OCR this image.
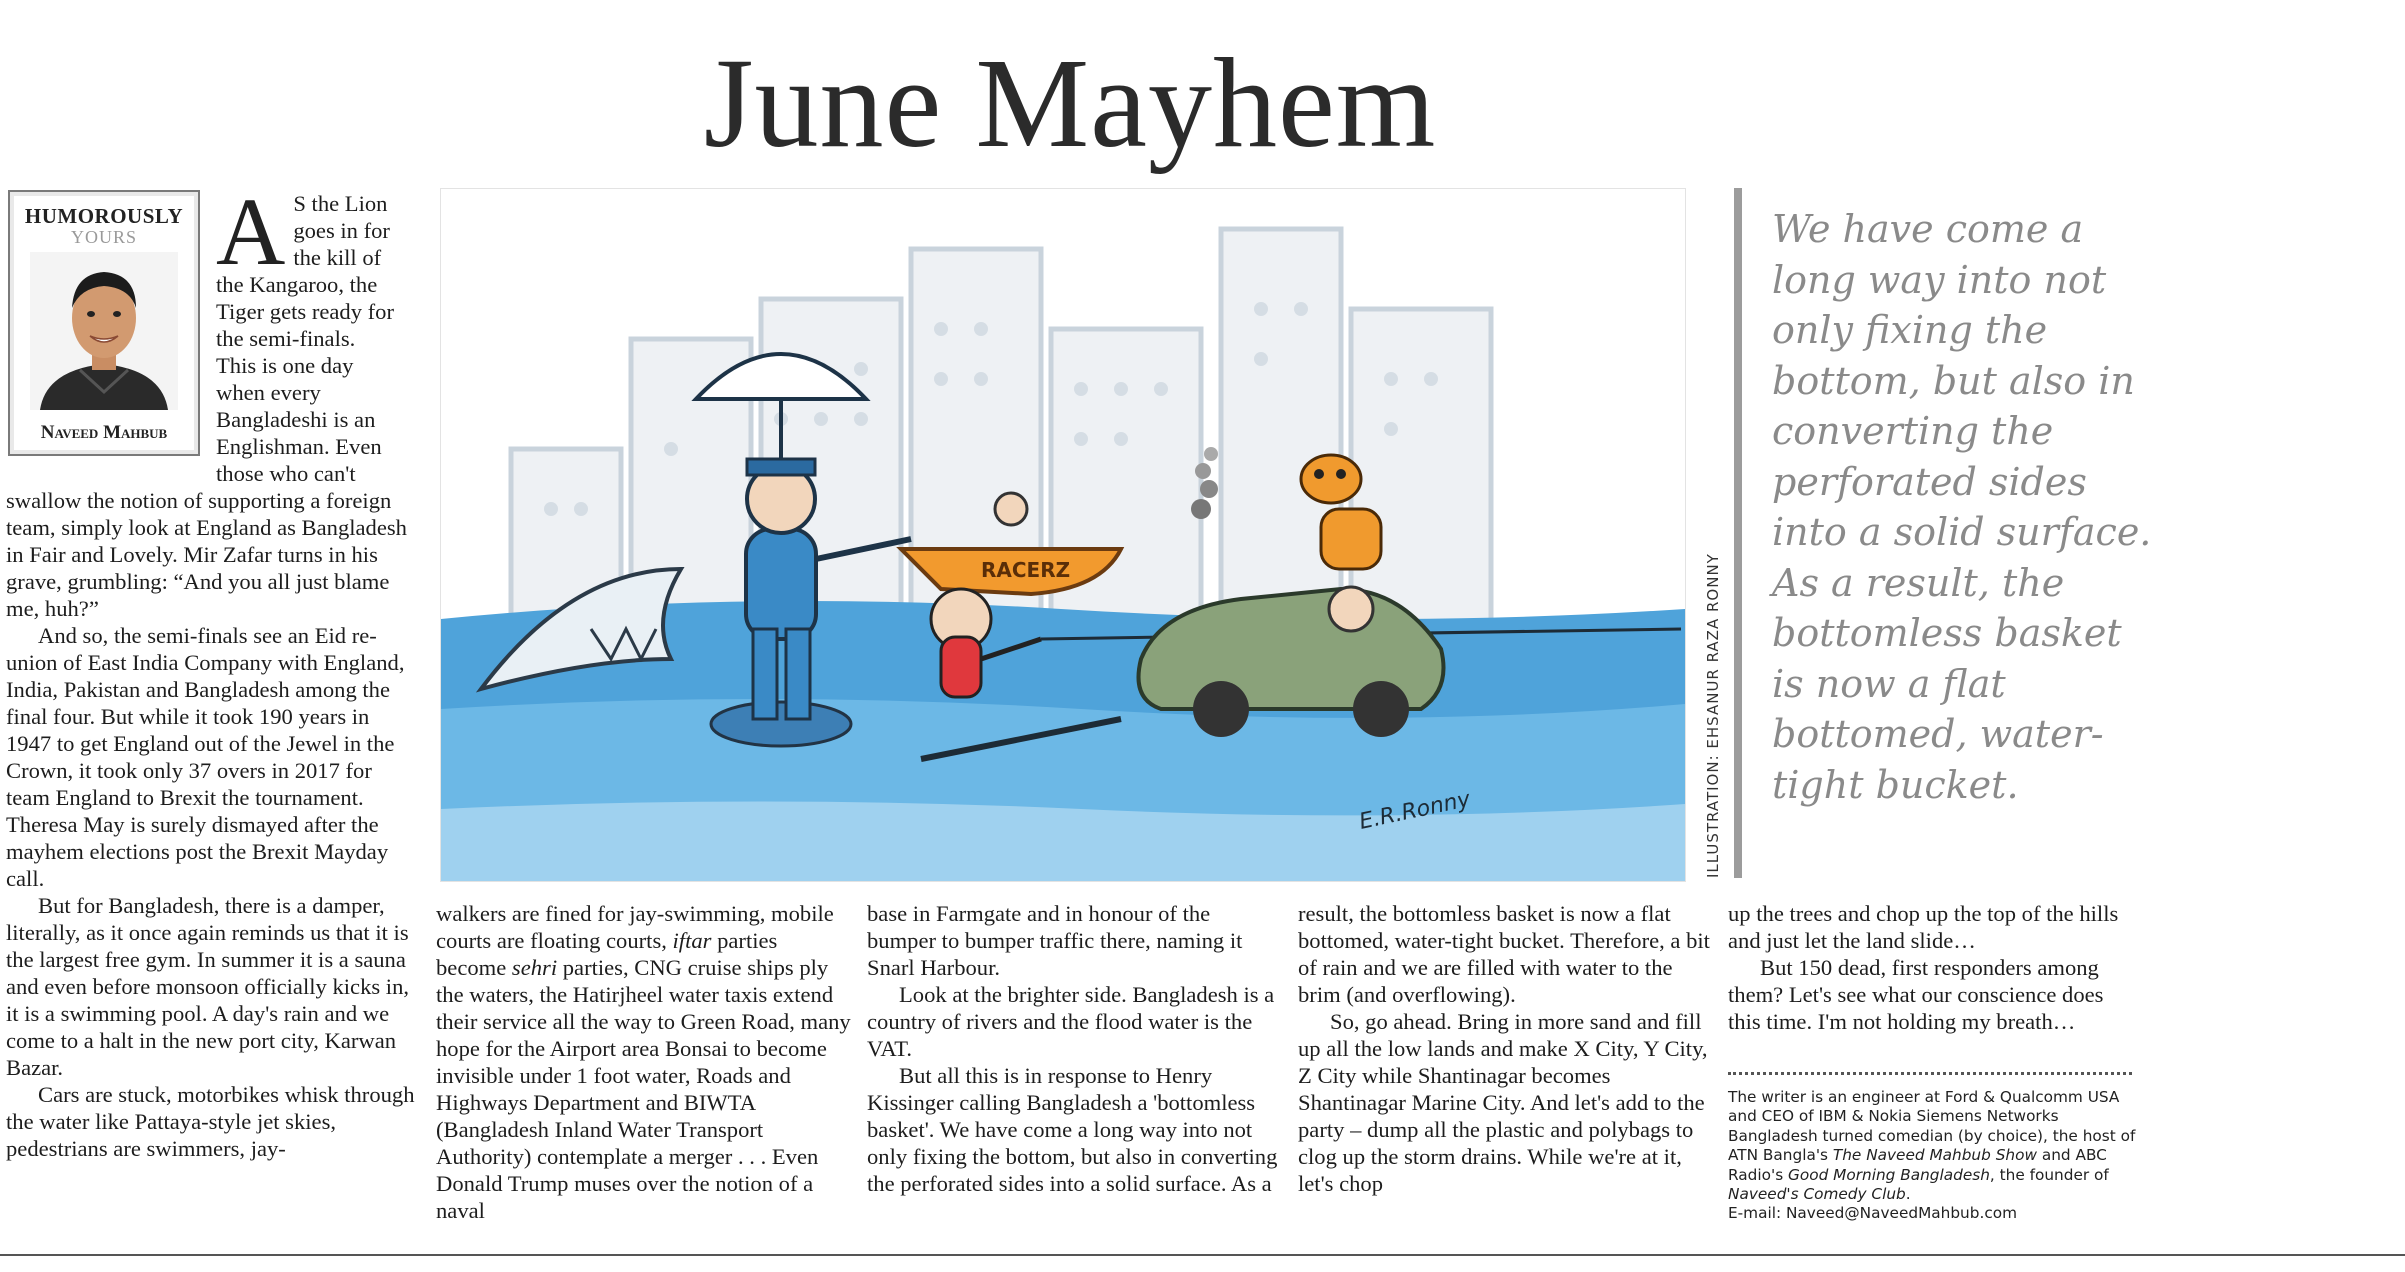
June Mayhem
HUMOROUSLY
YOURS
Naveed Mahbub
A S the Lion
goes in for
the kill of
the Kangaroo, the
Tiger gets ready for
the semi-finals.
This is one day
when every
Bangladeshi is an
Englishman. Even
those who can't

swallow the notion of supporting a foreign team, simply look at England as Bangladesh in Fair and Lovely. Mir Zafar turns in his grave, grumbling: “And you all just blame me, huh?”

And so, the semi-finals see an Eid re-union of East India Company with England, India, Pakistan and Bangladesh among the final four. But while it took 190 years in 1947 to get England out of the Jewel in the Crown, it took only 37 overs in 2017 for team England to Brexit the tournament. Theresa May is surely dismayed after the mayhem elections post the Brexit Mayday call.

But for Bangladesh, there is a damper, literally, as it once again reminds us that it is the largest free gym. In summer it is a sauna and even before monsoon officially kicks in, it is a swimming pool. A day's rain and we come to a halt in the new port city, Karwan Bazar.

Cars are stuck, motorbikes whisk through the water like Pattaya-style jet skies, pedestrians are swimmers, jay-

walkers are fined for jay-swimming, mobile courts are floating courts, iftar parties become sehri parties, CNG cruise ships ply the waters, the Hatirjheel water taxis extend their service all the way to Green Road, many hope for the Airport area Bonsai to become invisible under 1 foot water, Roads and Highways Department and BIWTA (Bangladesh Inland Water Transport Authority) contemplate a merger . . . Even Donald Trump muses over the notion of a naval

base in Farmgate and in honour of the bumper to bumper traffic there, naming it Snarl Harbour.

Look at the brighter side. Bangladesh is a country of rivers and the flood water is the VAT.

But all this is in response to Henry Kissinger calling Bangladesh a 'bottomless basket'. We have come a long way into not only fixing the bottom, but also in converting the perforated sides into a solid surface. As a

result, the bottomless basket is now a flat bottomed, water-tight bucket. Therefore, a bit of rain and we are filled with water to the brim (and overflowing).

So, go ahead. Bring in more sand and fill up all the low lands and make X City, Y City, Z City while Shantinagar becomes Shantinagar Marine City. And let's add to the party – dump all the plastic and polybags to clog up the storm drains. While we're at it, let's chop

up the trees and chop up the top of the hills and just let the land slide…

But 150 dead, first responders among them? Let's see what our conscience does this time. I'm not holding my breath…

RACERZ
E.R.Ronny	ILLUSTRATION: EHSANUR RAZA RONNY
We have come a long way into not only fixing the bottom, but also in converting the perforated sides into a solid surface. As a result, the bottomless basket is now a flat bottomed, water-tight bucket.
The writer is an engineer at Ford & Qualcomm USA and CEO of IBM & Nokia Siemens Networks Bangladesh turned comedian (by choice), the host of ATN Bangla's The Naveed Mahbub Show and ABC Radio's Good Morning Bangladesh, the founder of Naveed's Comedy Club.
E-mail: Naveed@NaveedMahbub.com
